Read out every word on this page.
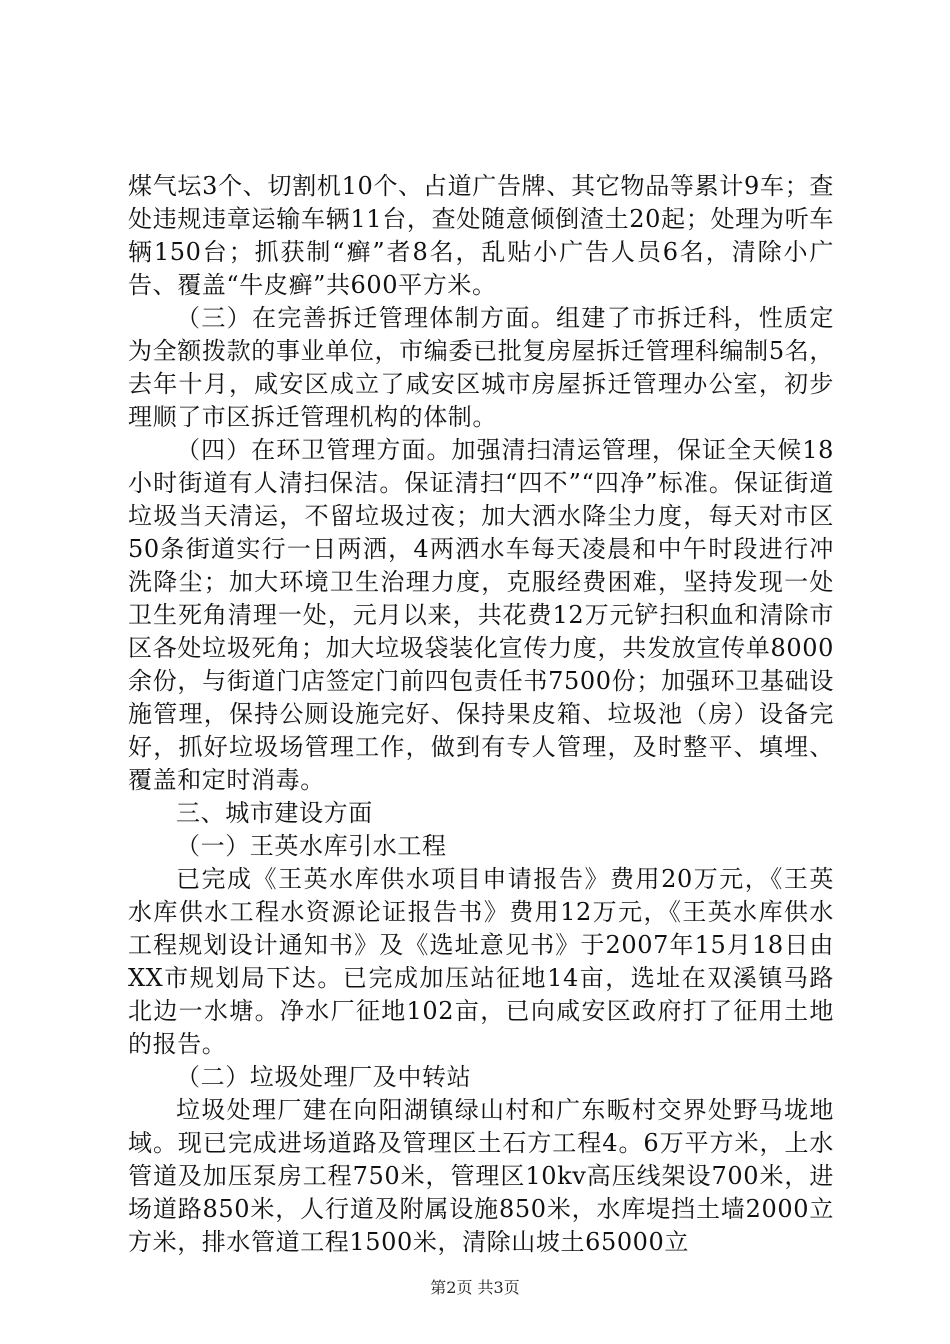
煤气坛3个、切割机10个、占道广告牌、其它物品等累计9车；查处违规违章运输车辆11台，查处随意倾倒渣土20起；处理为听车辆150台；抓获制“癣”者8名，乱贴小广告人员6名，清除小广告、覆盖“牛皮癣”共600平方米。

（三）在完善拆迁管理体制方面。组建了市拆迁科，性质定为全额拨款的事业单位，市编委已批复房屋拆迁管理科编制5名，去年十月，咸安区成立了咸安区城市房屋拆迁管理办公室，初步理顺了市区拆迁管理机构的体制。

（四）在环卫管理方面。加强清扫清运管理，保证全天候18小时街道有人清扫保洁。保证清扫“四不”“四净”标准。保证街道垃圾当天清运，不留垃圾过夜；加大洒水降尘力度，每天对市区50条街道实行一日两洒，4两洒水车每天凌晨和中午时段进行冲洗降尘；加大环境卫生治理力度，克服经费困难，坚持发现一处卫生死角清理一处，元月以来，共花费12万元铲扫积血和清除市区各处垃圾死角；加大垃圾袋装化宣传力度，共发放宣传单8000余份，与街道门店签定门前四包责任书7500份；加强环卫基础设施管理，保持公厕设施完好、保持果皮箱、垃圾池（房）设备完好，抓好垃圾场管理工作，做到有专人管理，及时整平、填埋、覆盖和定时消毒。

三、城市建设方面

（一）王英水库引水工程

已完成《王英水库供水项目申请报告》费用20万元，《王英水库供水工程水资源论证报告书》费用12万元，《王英水库供水工程规划设计通知书》及《选址意见书》于2007年15月18日由XX市规划局下达。已完成加压站征地14亩，选址在双溪镇马路北边一水塘。净水厂征地102亩，已向咸安区政府打了征用土地的报告。

（二）垃圾处理厂及中转站

垃圾处理厂建在向阳湖镇绿山村和广东畈村交界处野马垅地域。现已完成进场道路及管理区土石方工程4。6万平方米，上水管道及加压泵房工程750米，管理区10kv高压线架设700米，进场道路850米，人行道及附属设施850米，水库堤挡土墙2000立方米，排水管道工程1500米，清除山坡土65000立

第2页 共3页
